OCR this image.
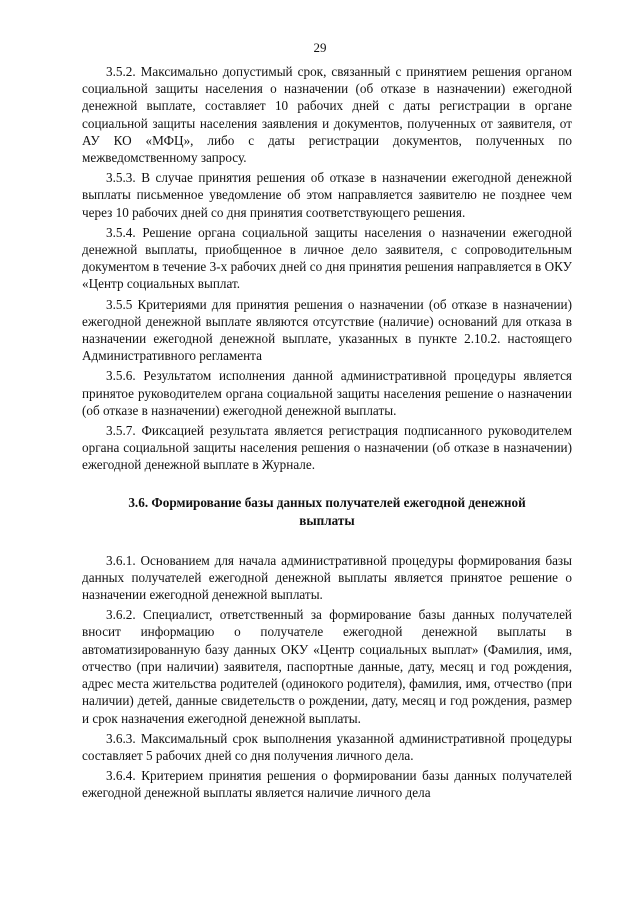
29

3.5.2. Максимально допустимый срок, связанный с принятием решения органом социальной защиты населения о назначении (об отказе в назначении) ежегодной денежной выплате, составляет 10 рабочих дней с даты регистрации в органе социальной защиты населения заявления и документов, полученных от заявителя, от АУ КО «МФЦ», либо с даты регистрации документов, полученных по межведомственному запросу.

3.5.3. В случае принятия решения об отказе в назначении ежегодной денежной выплаты письменное уведомление об этом направляется заявителю не позднее чем через 10 рабочих дней со дня принятия соответствующего решения.

3.5.4. Решение органа социальной защиты населения о назначении ежегодной денежной выплаты, приобщенное в личное дело заявителя, с сопроводительным документом в течение 3-х рабочих дней со дня принятия решения направляется в ОКУ «Центр социальных выплат.

3.5.5 Критериями для принятия решения о назначении (об отказе в назначении) ежегодной денежной выплате являются отсутствие (наличие) оснований для отказа в назначении ежегодной денежной выплате, указанных в пункте 2.10.2. настоящего Административного регламента

3.5.6. Результатом исполнения данной административной процедуры является принятое руководителем органа социальной защиты населения решение о назначении (об отказе в назначении) ежегодной денежной выплаты.

3.5.7. Фиксацией результата является регистрация подписанного руководителем органа социальной защиты населения решения о назначении (об отказе в назначении) ежегодной денежной выплате в Журнале.

3.6. Формирование базы данных получателей ежегодной денежной выплаты

3.6.1. Основанием для начала административной процедуры формирования базы данных получателей ежегодной денежной выплаты является принятое решение о назначении ежегодной денежной выплаты.

3.6.2. Специалист, ответственный за формирование базы данных получателей вносит информацию о получателе ежегодной денежной выплаты в автоматизированную базу данных ОКУ «Центр социальных выплат» (Фамилия, имя, отчество (при наличии) заявителя, паспортные данные, дату, месяц и год рождения, адрес места жительства родителей (одинокого родителя), фамилия, имя, отчество (при наличии) детей, данные свидетельств о рождении, дату, месяц и год рождения, размер и срок назначения ежегодной денежной выплаты.

3.6.3. Максимальный срок выполнения указанной административной процедуры составляет 5 рабочих дней со дня получения личного дела.

3.6.4. Критерием принятия решения о формировании базы данных получателей ежегодной денежной выплаты является наличие личного дела
